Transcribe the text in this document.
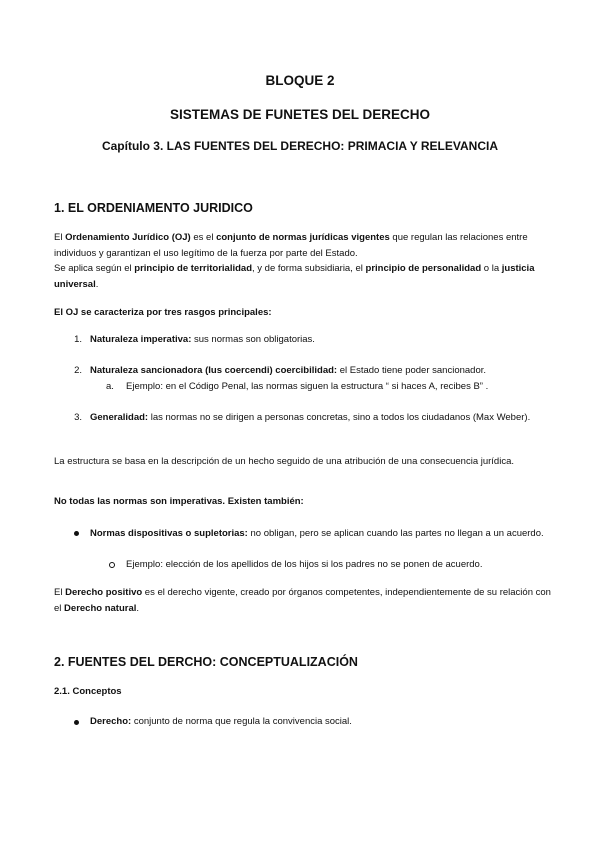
BLOQUE 2
SISTEMAS DE FUNETES DEL DERECHO
Capítulo 3. LAS FUENTES DEL DERECHO: PRIMACIA Y RELEVANCIA
1. EL ORDENIAMENTO JURIDICO
El Ordenamiento Jurídico (OJ) es el conjunto de normas jurídicas vigentes que regulan las relaciones entre individuos y garantizan el uso legítimo de la fuerza por parte del Estado.
Se aplica según el principio de territorialidad, y de forma subsidiaria, el principio de personalidad o la justicia universal.
El OJ se caracteriza por tres rasgos principales:
1. Naturaleza imperativa: sus normas son obligatorias.
2. Naturaleza sancionadora (Ius coercendi) coercibilidad: el Estado tiene poder sancionador.
a. Ejemplo: en el Código Penal, las normas siguen la estructura “ si haces A, recibes B” .
3. Generalidad: las normas no se dirigen a personas concretas, sino a todos los ciudadanos (Max Weber).
La estructura se basa en la descripción de un hecho seguido de una atribución de una consecuencia jurídica.
No todas las normas son imperativas. Existen también:
Normas dispositivas o supletorias: no obligan, pero se aplican cuando las partes no llegan a un acuerdo.
Ejemplo: elección de los apellidos de los hijos si los padres no se ponen de acuerdo.
El Derecho positivo es el derecho vigente, creado por órganos competentes, independientemente de su relación con el Derecho natural.
2. FUENTES DEL DERCHO: CONCEPTUALIZACIÓN
2.1. Conceptos
Derecho: conjunto de norma que regula la convivencia social.
